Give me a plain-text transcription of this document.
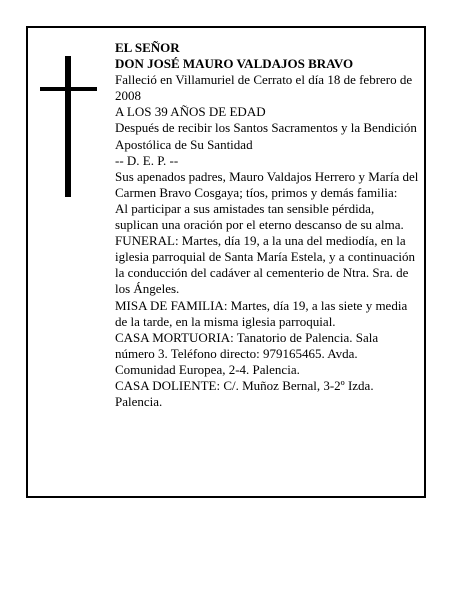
EL SEÑOR

DON JOSÉ MAURO VALDAJOS BRAVO

Falleció en Villamuriel de Cerrato el día 18 de febrero de 2008

A LOS 39 AÑOS DE EDAD

Después de recibir los Santos Sacramentos y la Bendición Apostólica de Su Santidad

-- D. E. P. --

Sus apenados padres, Mauro Valdajos Herrero y María del Carmen Bravo Cosgaya; tíos, primos y demás familia:

Al participar a sus amistades tan sensible pérdida, suplican una oración por el eterno descanso de su alma.

FUNERAL: Martes, día 19, a la una del mediodía, en la iglesia parroquial de Santa María Estela, y a continuación la conducción del cadáver al cementerio de Ntra. Sra. de los Ángeles.

MISA DE FAMILIA: Martes, día 19, a las siete y media de la tarde, en la misma iglesia parroquial.

CASA MORTUORIA: Tanatorio de Palencia. Sala número 3. Teléfono directo: 979165465. Avda. Comunidad Europea, 2-4. Palencia.

CASA DOLIENTE: C/. Muñoz Bernal, 3-2º Izda. Palencia.
